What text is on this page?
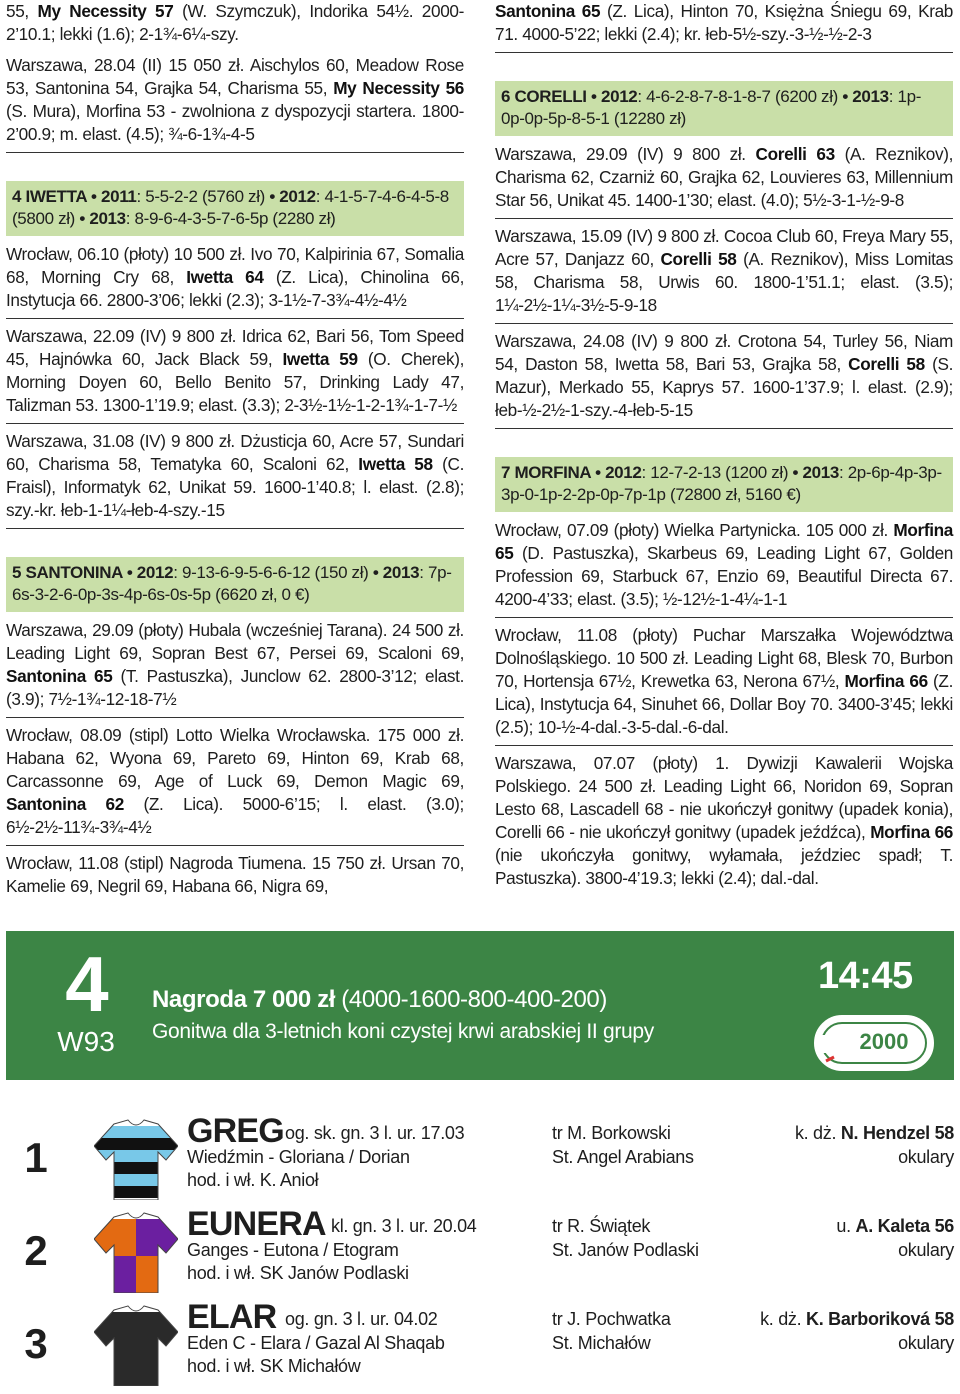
55, My Necessity 57 (W. Szymczuk), Indorika 54½. 2000-2’10.1; lekki (1.6); 2-1¾-6¼-szy.

Warszawa, 28.04 (II) 15 050 zł. Aischylos 60, Meadow Rose 53, Santonina 54, Grajka 54, Charisma 55, My Necessity 56 (S. Mura), Morfina 53 - zwolniona z dyspozycji startera. 1800-2’00.9; m. elast. (4.5); ¾-6-1¾-4-5

4 IWETTA • 2011: 5-5-2-2 (5760 zł) • 2012: 4-1-5-7-4-6-4-5-8 (5800 zł) • 2013: 8-9-6-4-3-5-7-6-5p (2280 zł)

Wrocław, 06.10 (płoty) 10 500 zł. Ivo 70, Kalpirinia 67, Somalia 68, Morning Cry 68, Iwetta 64 (Z. Lica), Chinolina 66, Instytucja 66. 2800-3’06; lekki (2.3); 3-1½-7-3¾-4½-4½

Warszawa, 22.09 (IV) 9 800 zł. Idrica 62, Bari 56, Tom Speed 45, Hajnówka 60, Jack Black 59, Iwetta 59 (O. Cherek), Morning Doyen 60, Bello Benito 57, Drinking Lady 47, Talizman 53. 1300-1’19.9; elast. (3.3); 2-3½-1½-1-2-1¾-1-7-½

Warszawa, 31.08 (IV) 9 800 zł. Dżusticja 60, Acre 57, Sundari 60, Charisma 58, Tematyka 60, Scaloni 62, Iwetta 58 (C. Fraisl), Informatyk 62, Unikat 59. 1600-1’40.8; l. elast. (2.8); szy.-kr. łeb-1-1¼-łeb-4-szy.-15

5 SANTONINA • 2012: 9-13-6-9-5-6-6-12 (150 zł) • 2013: 7p-6s-3-2-6-0p-3s-4p-6s-0s-5p (6620 zł, 0 €)

Warszawa, 29.09 (płoty) Hubala (wcześniej Tarana). 24 500 zł. Leading Light 69, Sopran Best 67, Persei 69, Scaloni 69, Santonina 65 (T. Pastuszka), Junclow 62. 2800-3’12; elast. (3.9); 7½-1¾-12-18-7½

Wrocław, 08.09 (stipl) Lotto Wielka Wrocławska. 175 000 zł. Habana 62, Wyona 69, Pareto 69, Hinton 69, Krab 68, Carcassonne 69, Age of Luck 69, Demon Magic 69, Santonina 62 (Z. Lica). 5000-6’15; l. elast. (3.0); 6½-2½-11¾-3¾-4½

Wrocław, 11.08 (stipl) Nagroda Tiumena. 15 750 zł. Ursan 70, Kamelie 69, Negril 69, Habana 66, Nigra 69,

Santonina 65 (Z. Lica), Hinton 70, Księżna Śniegu 69, Krab 71. 4000-5’22; lekki (2.4); kr. łeb-5½-szy.-3-½-½-2-3

6 CORELLI • 2012: 4-6-2-8-7-8-1-8-7 (6200 zł) • 2013: 1p-0p-0p-5p-8-5-1 (12280 zł)

Warszawa, 29.09 (IV) 9 800 zł. Corelli 63 (A. Reznikov), Charisma 62, Czarniż 60, Grajka 62, Louvieres 63, Millennium Star 56, Unikat 45. 1400-1’30; elast. (4.0); 5½-3-1-½-9-8

Warszawa, 15.09 (IV) 9 800 zł. Cocoa Club 60, Freya Mary 55, Acre 57, Danjazz 60, Corelli 58 (A. Reznikov), Miss Lomitas 58, Charisma 58, Urwis 60. 1800-1’51.1; elast. (3.5); 1¼-2½-1¼-3½-5-9-18

Warszawa, 24.08 (IV) 9 800 zł. Crotona 54, Turley 56, Niam 54, Daston 58, Iwetta 58, Bari 53, Grajka 58, Corelli 58 (S. Mazur), Merkado 55, Kaprys 57. 1600-1’37.9; l. elast. (2.9); łeb-½-2½-1-szy.-4-łeb-5-15

7 MORFINA • 2012: 12-7-2-13 (1200 zł) • 2013: 2p-6p-4p-3p-3p-0-1p-2-2p-0p-7p-1p (72800 zł, 5160 €)

Wrocław, 07.09 (płoty) Wielka Partynicka. 105 000 zł. Morfina 65 (D. Pastuszka), Skarbeus 69, Leading Light 67, Golden Profession 69, Starbuck 67, Enzio 69, Beautiful Directa 67. 4200-4’33; elast. (3.5); ½-12½-1-4¼-1-1

Wrocław, 11.08 (płoty) Puchar Marszałka Województwa Dolnośląskiego. 10 500 zł. Leading Light 68, Blesk 70, Burbon 70, Hortensja 67½, Krewetka 63, Nerona 67½, Morfina 66 (Z. Lica), Instytucja 64, Sinuhet 66, Dollar Boy 70. 3400-3’45; lekki (2.5); 10-½-4-dal.-3-5-dal.-6-dal.

Warszawa, 07.07 (płoty) 1. Dywizji Kawalerii Wojska Polskiego. 24 500 zł. Leading Light 66, Noridon 69, Sopran Lesto 68, Lascadell 68 - nie ukończył gonitwy (upadek konia), Corelli 66 - nie ukończył gonitwy (upadek jeźdźca), Morfina 66 (nie ukończyła gonitwy, wyłamała, jeździec spadł; T. Pastuszka). 3800-4’19.3; lekki (2.4); dal.-dal.

4
W93
Nagroda 7 000 zł (4000-1600-800-400-200)
Gonitwa dla 3-letnich koni czystej krwi arabskiej II grupy
14:45
2000
1
GREG og. sk. gn. 3 l. ur. 17.03
Wiedźmin - Gloriana / Dorian
hod. i wł. K. Anioł
tr M. Borkowski
St. Angel Arabians
k. dż. N. Hendzel 58
okulary
2
EUNERA kl. gn. 3 l. ur. 20.04
Ganges - Eutona / Etogram
hod. i wł. SK Janów Podlaski
tr R. Świątek
St. Janów Podlaski
u. A. Kaleta 56
okulary
3
ELAR og. gn. 3 l. ur. 04.02
Eden C - Elara / Gazal Al Shaqab
hod. i wł. SK Michałów
tr J. Pochwatka
St. Michałów
k. dż. K. Barboriková 58
okulary
